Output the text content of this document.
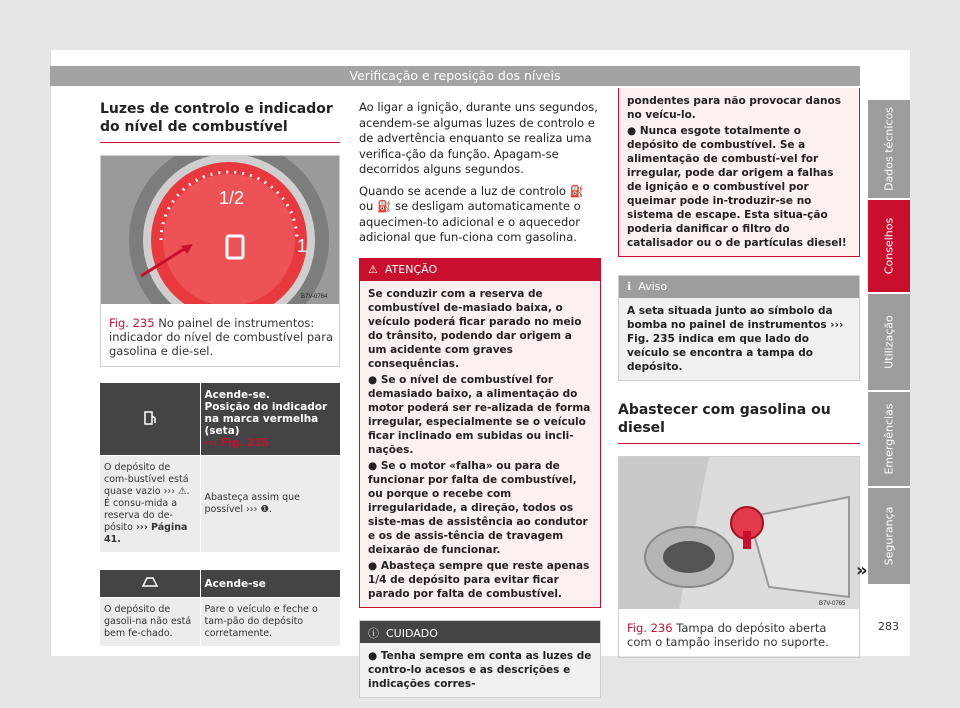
Verificação e reposição dos níveis
Luzes de controlo e indicador do nível de combustível
1/2
1
B7V-0764
Fig. 235 No painel de instrumentos: indicador do nível de combustível para gasolina e die-sel.
	Acende-se.
Posição do indicador na marca vermelha (seta)
››› Fig. 235
O depósito de com-bustível está quase vazio ››› ⚠. É consu-mida a reserva do de-pósito ››› Página 41.	Abasteça assim que possível ››› ❶.
	Acende-se
O depósito de gasoli-na não está bem fe-chado.	Pare o veículo e feche o tam-pão do depósito corretamente.

Ao ligar a ignição, durante uns segundos, acendem-se algumas luzes de controlo e de advertência enquanto se realiza uma verifica-ção da função. Apagam-se decorridos alguns segundos.

Quando se acende a luz de controlo ⛽ ou ⛽ se desligam automaticamente o aquecimen-to adicional e o aquecedor adicional que fun-ciona com gasolina.

⚠ ATENÇÃO
Se conduzir com a reserva de combustível de-masiado baixa, o veículo poderá ficar parado no meio do trânsito, podendo dar origem a um acidente com graves consequências.
● Se o nível de combustível for demasiado baixo, a alimentação do motor poderá ser re-alizada de forma irregular, especialmente se o veículo ficar inclinado em subidas ou incli-nações.
● Se o motor «falha» ou para de funcionar por falta de combustível, ou porque o recebe com irregularidade, a direção, todos os siste-mas de assistência ao condutor e os de assis-tência de travagem deixarão de funcionar.
● Abasteça sempre que reste apenas 1/4 de depósito para evitar ficar parado por falta de combustível.
ⓘ CUIDADO
● Tenha sempre em conta as luzes de contro-lo acesos e as descrições e indicações corres-
pondentes para não provocar danos no veícu-lo.
● Nunca esgote totalmente o depósito de combustível. Se a alimentação de combustí-vel for irregular, pode dar origem a falhas de ignição e o combustível por queimar pode in-troduzir-se no sistema de escape. Esta situa-ção poderia danificar o filtro do catalisador ou o de partículas diesel!
ℹ Aviso
A seta situada junto ao símbolo da bomba no painel de instrumentos ››› Fig. 235 indica em que lado do veículo se encontra a tampa do depósito.
Abastecer com gasolina ou diesel
B7V-0765
Fig. 236 Tampa do depósito aberta com o tampão inserido no suporte.
»
Dados técnicos
Conselhos
Utilização
Emergências
Segurança
283
